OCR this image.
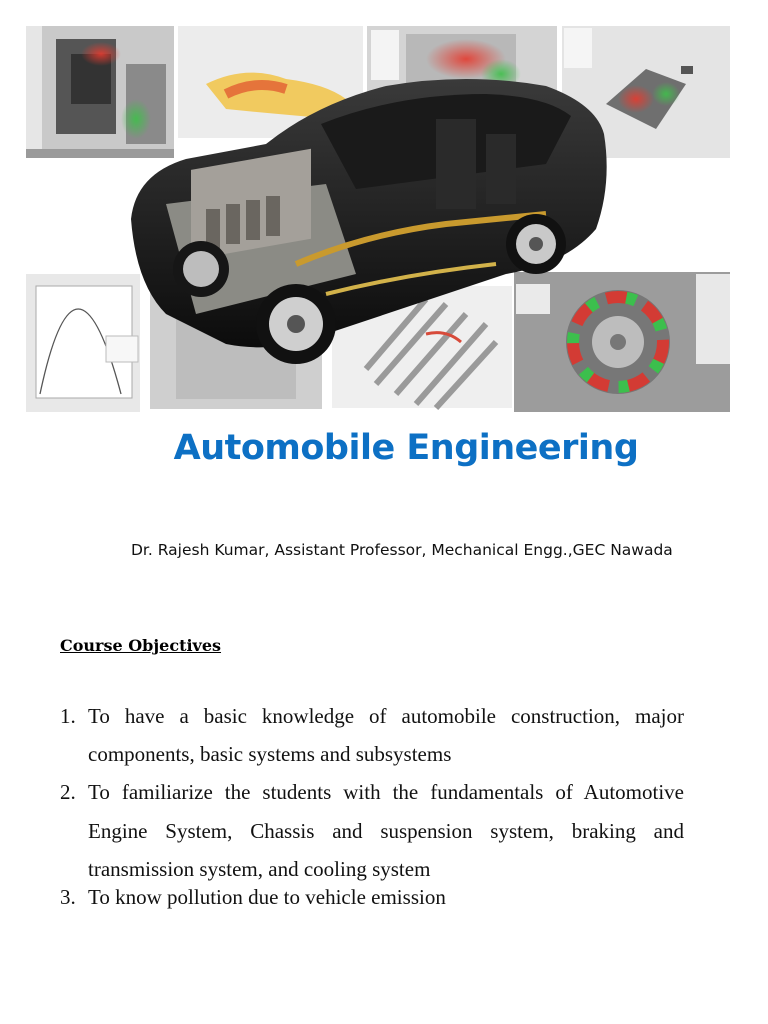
Automobile Engineering
Dr. Rajesh Kumar, Assistant Professor, Mechanical Engg.,GEC Nawada
Course Objectives
1. To have a basic knowledge of automobile construction, major components, basic systems and subsystems
2. To familiarize the students with the fundamentals of Automotive Engine System, Chassis and suspension system, braking and transmission system, and cooling system
3. To know pollution due to vehicle emission
